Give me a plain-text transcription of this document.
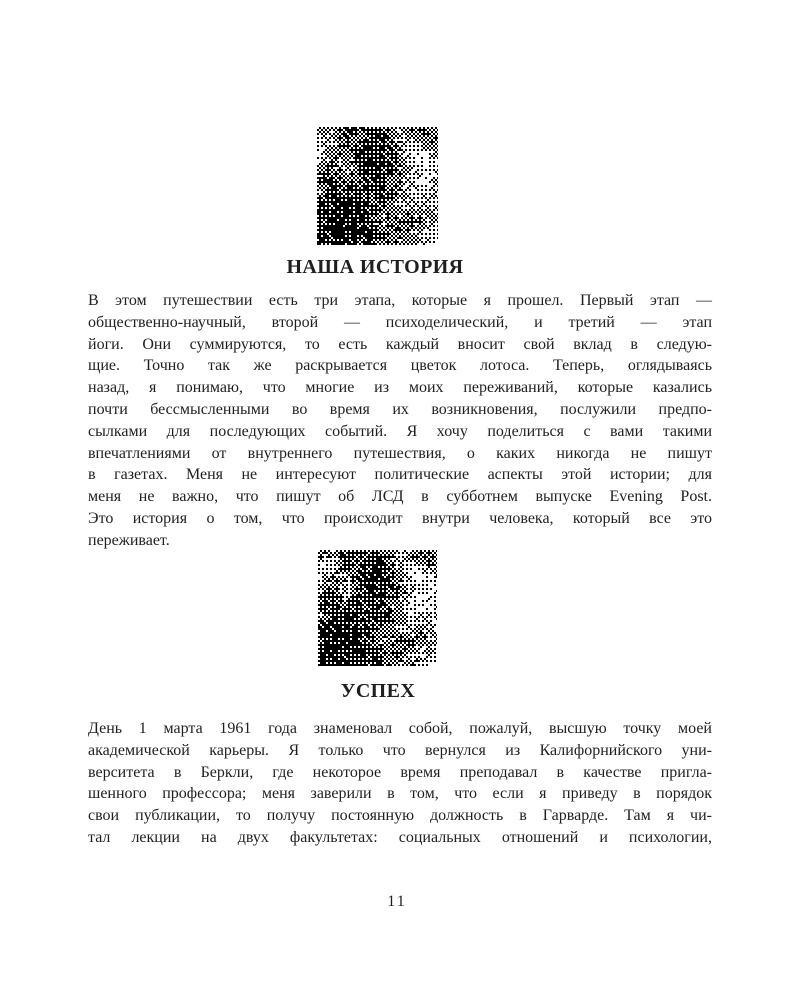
НАША ИСТОРИЯ
В этом путешествии есть три этапа, которые я прошел. Первый этап —
общественно-научный, второй — психоделический, и третий — этап
йоги. Они суммируются, то есть каждый вносит свой вклад в следую-
щие. Точно так же раскрывается цветок лотоса. Теперь, оглядываясь
назад, я понимаю, что многие из моих переживаний, которые казались
почти бессмысленными во время их возникновения, послужили предпо-
сылками для последующих событий. Я хочу поделиться с вами такими
впечатлениями от внутреннего путешествия, о каких никогда не пишут
в газетах. Меня не интересуют политические аспекты этой истории; для
меня не важно, что пишут об ЛСД в субботнем выпуске Evening Post.
Это история о том, что происходит внутри человека, который все это
переживает.
УСПЕХ
День 1 марта 1961 года знаменовал собой, пожалуй, высшую точку моей
академической карьеры. Я только что вернулся из Калифорнийского уни-
верситета в Беркли, где некоторое время преподавал в качестве пригла-
шенного профессора; меня заверили в том, что если я приведу в порядок
свои публикации, то получу постоянную должность в Гарварде. Там я чи-
тал лекции на двух факультетах: социальных отношений и психологии,
11
